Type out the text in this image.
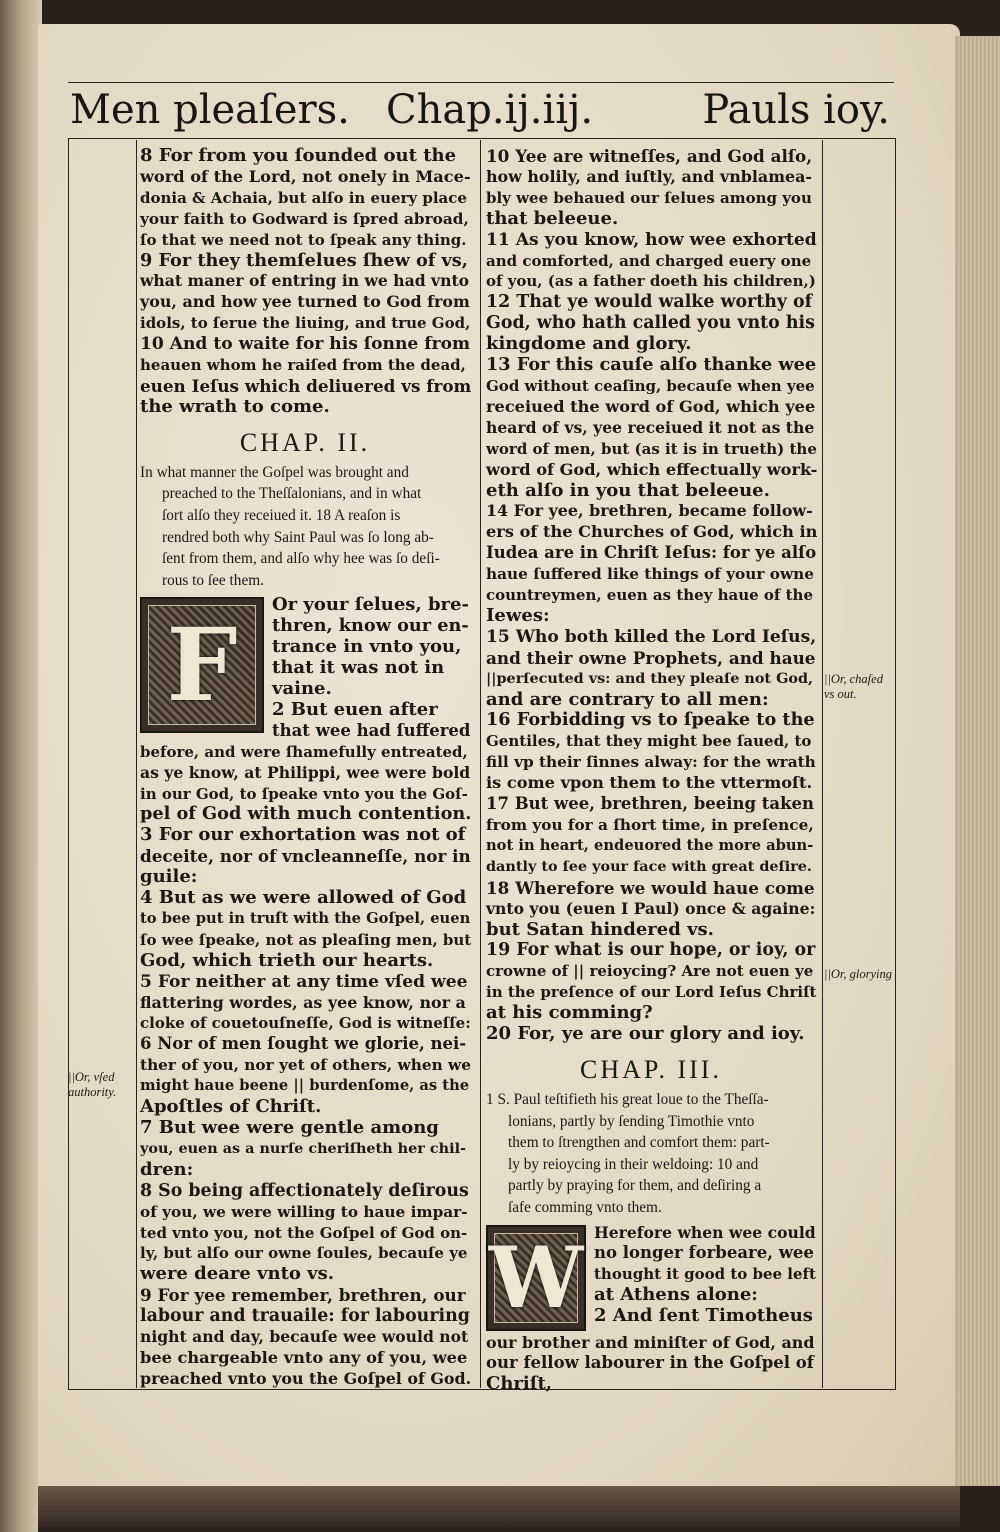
Men pleaſers. Chap.ij.iij.	Pauls ioy.
8 For from you ſounded out the
word of the Lord, not onely in Mace-
donia & Achaia, but alſo in euery place
your faith to Godward is ſpred abroad,
ſo that we need not to ſpeak any thing.
9 For they themſelues ſhew of vs,
what maner of entring in we had vnto
you, and how yee turned to God from
idols, to ſerue the liuing, and true God,
10 And to waite for his ſonne from
heauen whom he raiſed from the dead,
euen Ieſus which deliuered vs from
the wrath to come.
CHAP. II.
In what manner the Goſpel was brought and
preached to the Theſſalonians, and in what
ſort alſo they receiued it. 18 A reaſon is
rendred both why Saint Paul was ſo long ab-
ſent from them, and alſo why hee was ſo deſi-
rous to ſee them.
F
Or your ſelues, bre-
thren, know our en-
trance in vnto you,
that it was not in
vaine.
2 But euen after
that wee had ſuffered
before, and were ſhamefully entreated,
as ye know, at Philippi, wee were bold
in our God, to ſpeake vnto you the Goſ-
pel of God with much contention.
3 For our exhortation was not of
deceite, nor of vncleanneſſe, nor in
guile:
4 But as we were allowed of God
to bee put in truſt with the Goſpel, euen
ſo wee ſpeake, not as pleaſing men, but
God, which trieth our hearts.
5 For neither at any time vſed wee
flattering wordes, as yee know, nor a
cloke of couetouſneſſe, God is witneſſe:
6 Nor of men ſought we glorie, nei-
ther of you, nor yet of others, when we
might haue beene || burdenſome, as the
Apoſtles of Chriſt.
7 But wee were gentle among
you, euen as a nurſe cheriſheth her chil-
dren:
8 So being affectionately deſirous
of you, we were willing to haue impar-
ted vnto you, not the Goſpel of God on-
ly, but alſo our owne ſoules, becauſe ye
were deare vnto vs.
9 For yee remember, brethren, our
labour and trauaile: for labouring
night and day, becauſe wee would not
bee chargeable vnto any of you, wee
preached vnto you the Goſpel of God.
10 Yee are witneſſes, and God alſo,
how holily, and iuſtly, and vnblamea-
bly wee behaued our ſelues among you
that beleeue.
11 As you know, how wee exhorted
and comforted, and charged euery one
of you, (as a father doeth his children,)
12 That ye would walke worthy of
God, who hath called you vnto his
kingdome and glory.
13 For this cauſe alſo thanke wee
God without ceaſing, becauſe when yee
receiued the word of God, which yee
heard of vs, yee receiued it not as the
word of men, but (as it is in trueth) the
word of God, which effectually work-
eth alſo in you that beleeue.
14 For yee, brethren, became follow-
ers of the Churches of God, which in
Iudea are in Chriſt Ieſus: for ye alſo
haue ſuffered like things of your owne
countreymen, euen as they haue of the
Iewes:
15 Who both killed the Lord Ieſus,
and their owne Prophets, and haue
||perſecuted vs: and they pleaſe not God,
and are contrary to all men:
16 Forbidding vs to ſpeake to the
Gentiles, that they might bee ſaued, to
fill vp their ſinnes alway: for the wrath
is come vpon them to the vttermoſt.
17 But wee, brethren, beeing taken
from you for a ſhort time, in preſence,
not in heart, endeuored the more abun-
dantly to ſee your face with great deſire.
18 Wherefore we would haue come
vnto you (euen I Paul) once & againe:
but Satan hindered vs.
19 For what is our hope, or ioy, or
crowne of || reioycing? Are not euen ye
in the preſence of our Lord Ieſus Chriſt
at his comming?
20 For, ye are our glory and ioy.
CHAP. III.
1 S. Paul teſtifieth his great loue to the Theſſa-
lonians, partly by ſending Timothie vnto
them to ſtrengthen and comfort them: part-
ly by reioycing in their weldoing: 10 and
partly by praying for them, and deſiring a
ſafe comming vnto them.
W Herefore when wee could
no longer forbeare, wee
thought it good to bee left
at Athens alone:
2 And ſent Timotheus
our brother and miniſter of God, and
our fellow labourer in the Goſpel of
Chriſt,
||Or, vſed authority.
||Or, chaſed vs out.
||Or, glorying
